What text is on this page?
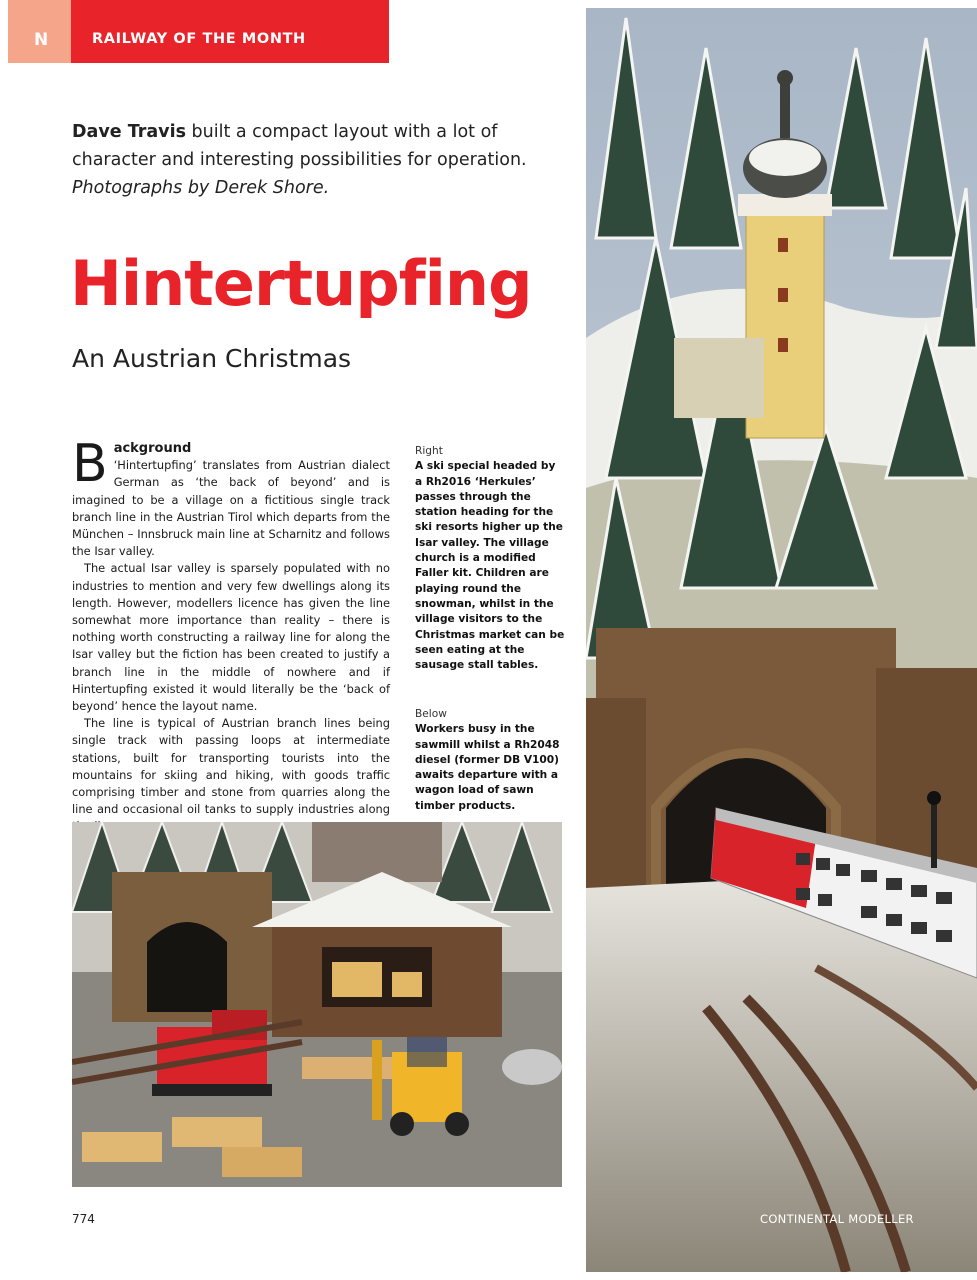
N	RAILWAY OF THE MONTH
Dave Travis built a compact layout with a lot of character and interesting possibilities for operation.
Photographs by Derek Shore.
Hintertupfing
An Austrian Christmas
B ackground
‘Hintertupfing’ translates from Austrian dialect German as ‘the back of beyond’ and is imagined to be a village on a fictitious single track branch line in the Austrian Tirol which departs from the München – Innsbruck main line at Scharnitz and follows the Isar valley.

The actual Isar valley is sparsely populated with no industries to mention and very few dwellings along its length. However, modellers licence has given the line somewhat more importance than reality – there is nothing worth constructing a railway line for along the Isar valley but the fiction has been created to justify a branch line in the middle of nowhere and if Hintertupfing existed it would literally be the ‘back of beyond’ hence the layout name.

The line is typical of Austrian branch lines being single track with passing loops at intermediate stations, built for transporting tourists into the mountains for skiing and hiking, with goods traffic comprising timber and stone from quarries along the line and occasional oil tanks to supply industries along

Right
A ski special headed by a Rh2016 ‘Herkules’ passes through the station heading for the ski resorts higher up the Isar valley. The village church is a modified Faller kit. Children are playing round the snowman, whilst in the village visitors to the Christmas market can be seen eating at the sausage stall tables.
Below
Workers busy in the sawmill whilst a Rh2048 diesel (former DB V100) awaits departure with a wagon load of sawn timber products.
774	CONTINENTAL MODELLER
